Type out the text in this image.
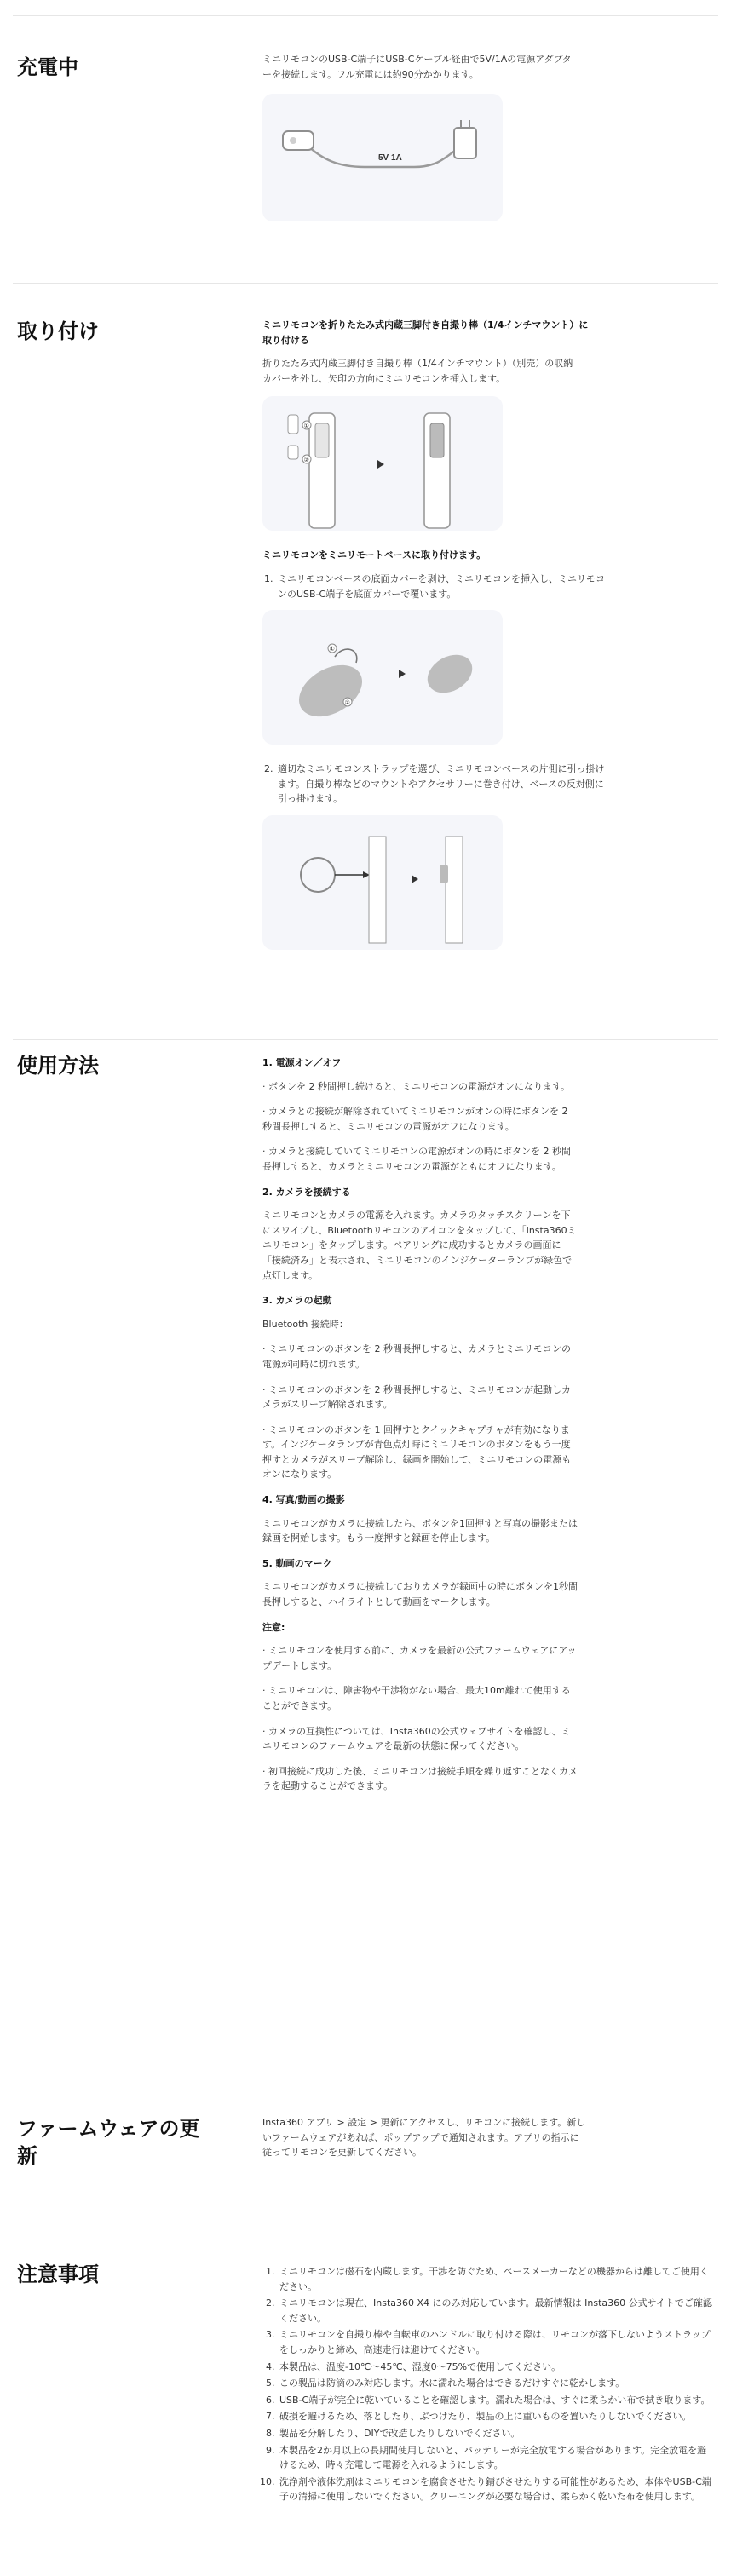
充電中	ミニリモコンのUSB-C端子にUSB-Cケーブル経由で5V/1Aの電源アダプターを接続します。フル充電には約90分かかります。

5V 1A
取り付け	ミニリモコンを折りたたみ式内蔵三脚付き自撮り棒（1/4インチマウント）に取り付ける

折りたたみ式内蔵三脚付き自撮り棒（1/4インチマウント）（別売）の収納カバーを外し、矢印の方向にミニリモコンを挿入します。

①
②

ミニリモコンをミニリモートベースに取り付けます。

1. ミニリモコンベースの底面カバーを剥け、ミニリモコンを挿入し、ミニリモコンのUSB-C端子を底面カバーで覆います。
①
②
2. 適切なミニリモコンストラップを選び、ミニリモコンベースの片側に引っ掛けます。自撮り棒などのマウントやアクセサリーに巻き付け、ベースの反対側に引っ掛けます。
使用方法	1. 電源オン／オフ

· ボタンを 2 秒間押し続けると、ミニリモコンの電源がオンになります。

· カメラとの接続が解除されていてミニリモコンがオンの時にボタンを 2 秒間長押しすると、ミニリモコンの電源がオフになります。

· カメラと接続していてミニリモコンの電源がオンの時にボタンを 2 秒間長押しすると、カメラとミニリモコンの電源がともにオフになります。

2. カメラを接続する

ミニリモコンとカメラの電源を入れます。カメラのタッチスクリーンを下にスワイプし、Bluetoothリモコンのアイコンをタップして、「Insta360ミニリモコン」をタップします。ペアリングに成功するとカメラの画面に「接続済み」と表示され、ミニリモコンのインジケーターランプが緑色で点灯します。

3. カメラの起動

Bluetooth 接続時：

· ミニリモコンのボタンを 2 秒間長押しすると、カメラとミニリモコンの電源が同時に切れます。

· ミニリモコンのボタンを 2 秒間長押しすると、ミニリモコンが起動しカメラがスリープ解除されます。

· ミニリモコンのボタンを 1 回押すとクイックキャプチャが有効になります。インジケータランプが青色点灯時にミニリモコンのボタンをもう一度押すとカメラがスリープ解除し、録画を開始して、ミニリモコンの電源もオンになります。

4. 写真/動画の撮影

ミニリモコンがカメラに接続したら、ボタンを1回押すと写真の撮影または録画を開始します。もう一度押すと録画を停止します。

5. 動画のマーク

ミニリモコンがカメラに接続しておりカメラが録画中の時にボタンを1秒間長押しすると、ハイライトとして動画をマークします。

注意:

· ミニリモコンを使用する前に、カメラを最新の公式ファームウェアにアップデートします。

· ミニリモコンは、障害物や干渉物がない場合、最大10m離れて使用することができます。

· カメラの互換性については、Insta360の公式ウェブサイトを確認し、ミニリモコンのファームウェアを最新の状態に保ってください。

· 初回接続に成功した後、ミニリモコンは接続手順を繰り返すことなくカメラを起動することができます。

ファームウェアの更新

Insta360 アプリ > 設定 > 更新にアクセスし、リモコンに接続します。新しいファームウェアがあれば、ポップアップで通知されます。アプリの指示に従ってリモコンを更新してください。

注意事項
1.	ミニリモコンは磁石を内蔵します。干渉を防ぐため、ペースメーカーなどの機器からは離してご使用ください。
2. ミニリモコンは現在、Insta360 X4 にのみ対応しています。最新情報は Insta360 公式サイトでご確認ください。
3. ミニリモコンを自撮り棒や自転車のハンドルに取り付ける際は、リモコンが落下しないようストラップをしっかりと締め、高速走行は避けてください。
4. 本製品は、温度-10℃〜45℃、湿度0〜75%で使用してください。
5. この製品は防滴のみ対応します。水に濡れた場合はできるだけすぐに乾かします。
6. USB-C端子が完全に乾いていることを確認します。濡れた場合は、すぐに柔らかい布で拭き取ります。
7. 破損を避けるため、落としたり、ぶつけたり、製品の上に重いものを置いたりしないでください。
8. 製品を分解したり、DIYで改造したりしないでください。
9. 本製品を2か月以上の長期間使用しないと、バッテリーが完全放電する場合があります。完全放電を避けるため、時々充電して電源を入れるようにします。
10. 洗浄剤や液体洗剤はミニリモコンを腐食させたり錆びさせたりする可能性があるため、本体やUSB-C端子の清掃に使用しないでください。クリーニングが必要な場合は、柔らかく乾いた布を使用します。
